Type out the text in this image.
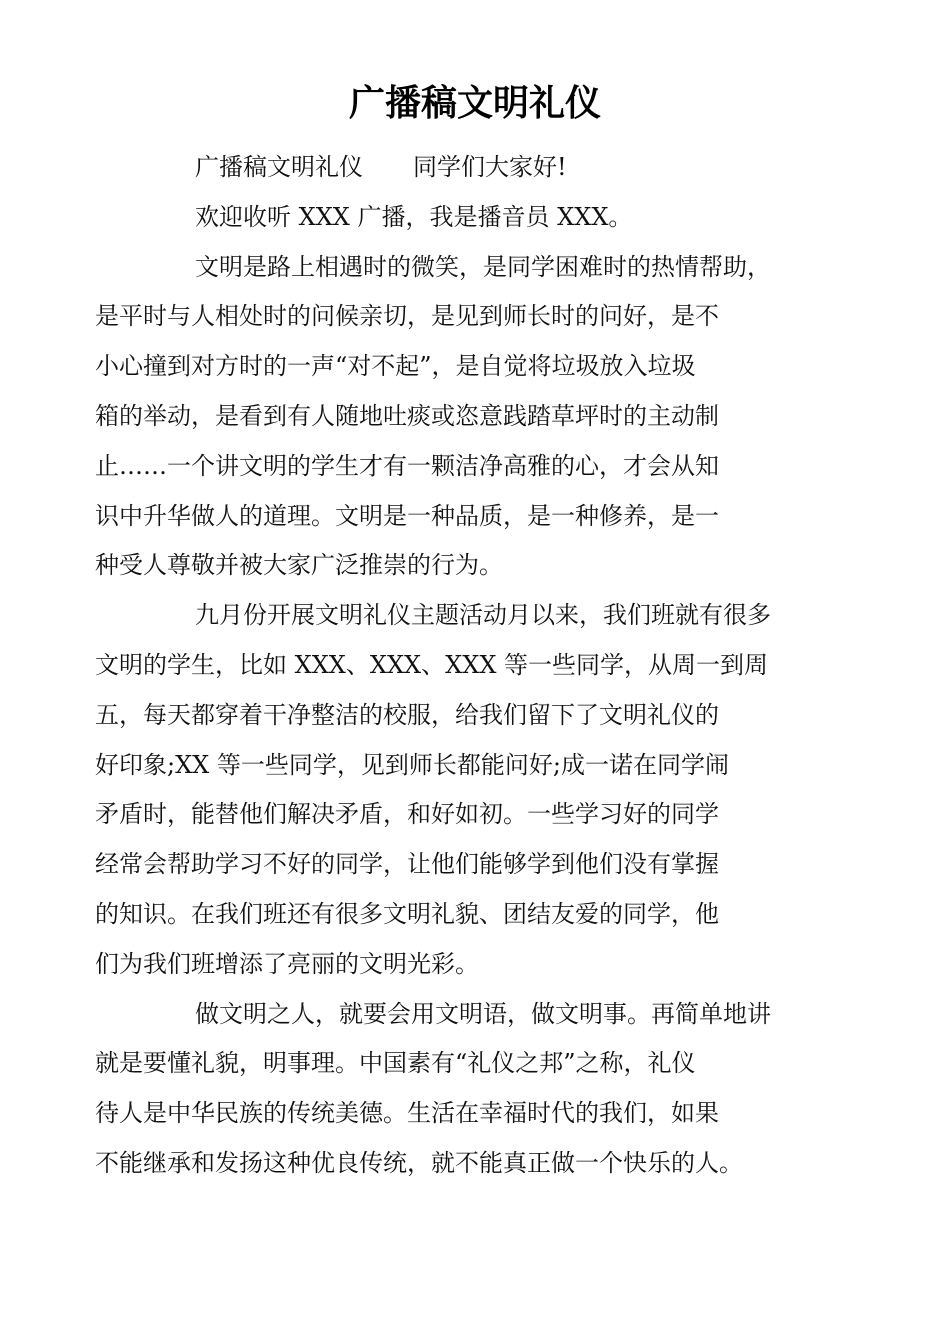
广播稿文明礼仪

广播稿文明礼仪 同学们大家好!

欢迎收听 XXX 广播，我是播音员 XXX。

文明是路上相遇时的微笑，是同学困难时的热情帮助，
是平时与人相处时的问候亲切，是见到师长时的问好，是不
小心撞到对方时的一声“对不起”，是自觉将垃圾放入垃圾
箱的举动，是看到有人随地吐痰或恣意践踏草坪时的主动制
止……一个讲文明的学生才有一颗洁净高雅的心，才会从知
识中升华做人的道理。文明是一种品质，是一种修养，是一
种受人尊敬并被大家广泛推崇的行为。

九月份开展文明礼仪主题活动月以来，我们班就有很多
文明的学生，比如 XXX、XXX、XXX 等一些同学，从周一到周
五，每天都穿着干净整洁的校服，给我们留下了文明礼仪的
好印象;XX 等一些同学，见到师长都能问好;成一诺在同学闹
矛盾时，能替他们解决矛盾，和好如初。一些学习好的同学
经常会帮助学习不好的同学，让他们能够学到他们没有掌握
的知识。在我们班还有很多文明礼貌、团结友爱的同学，他
们为我们班增添了亮丽的文明光彩。

做文明之人，就要会用文明语，做文明事。再简单地讲
就是要懂礼貌，明事理。中国素有“礼仪之邦”之称，礼仪
待人是中华民族的传统美德。生活在幸福时代的我们，如果
不能继承和发扬这种优良传统，就不能真正做一个快乐的人。
